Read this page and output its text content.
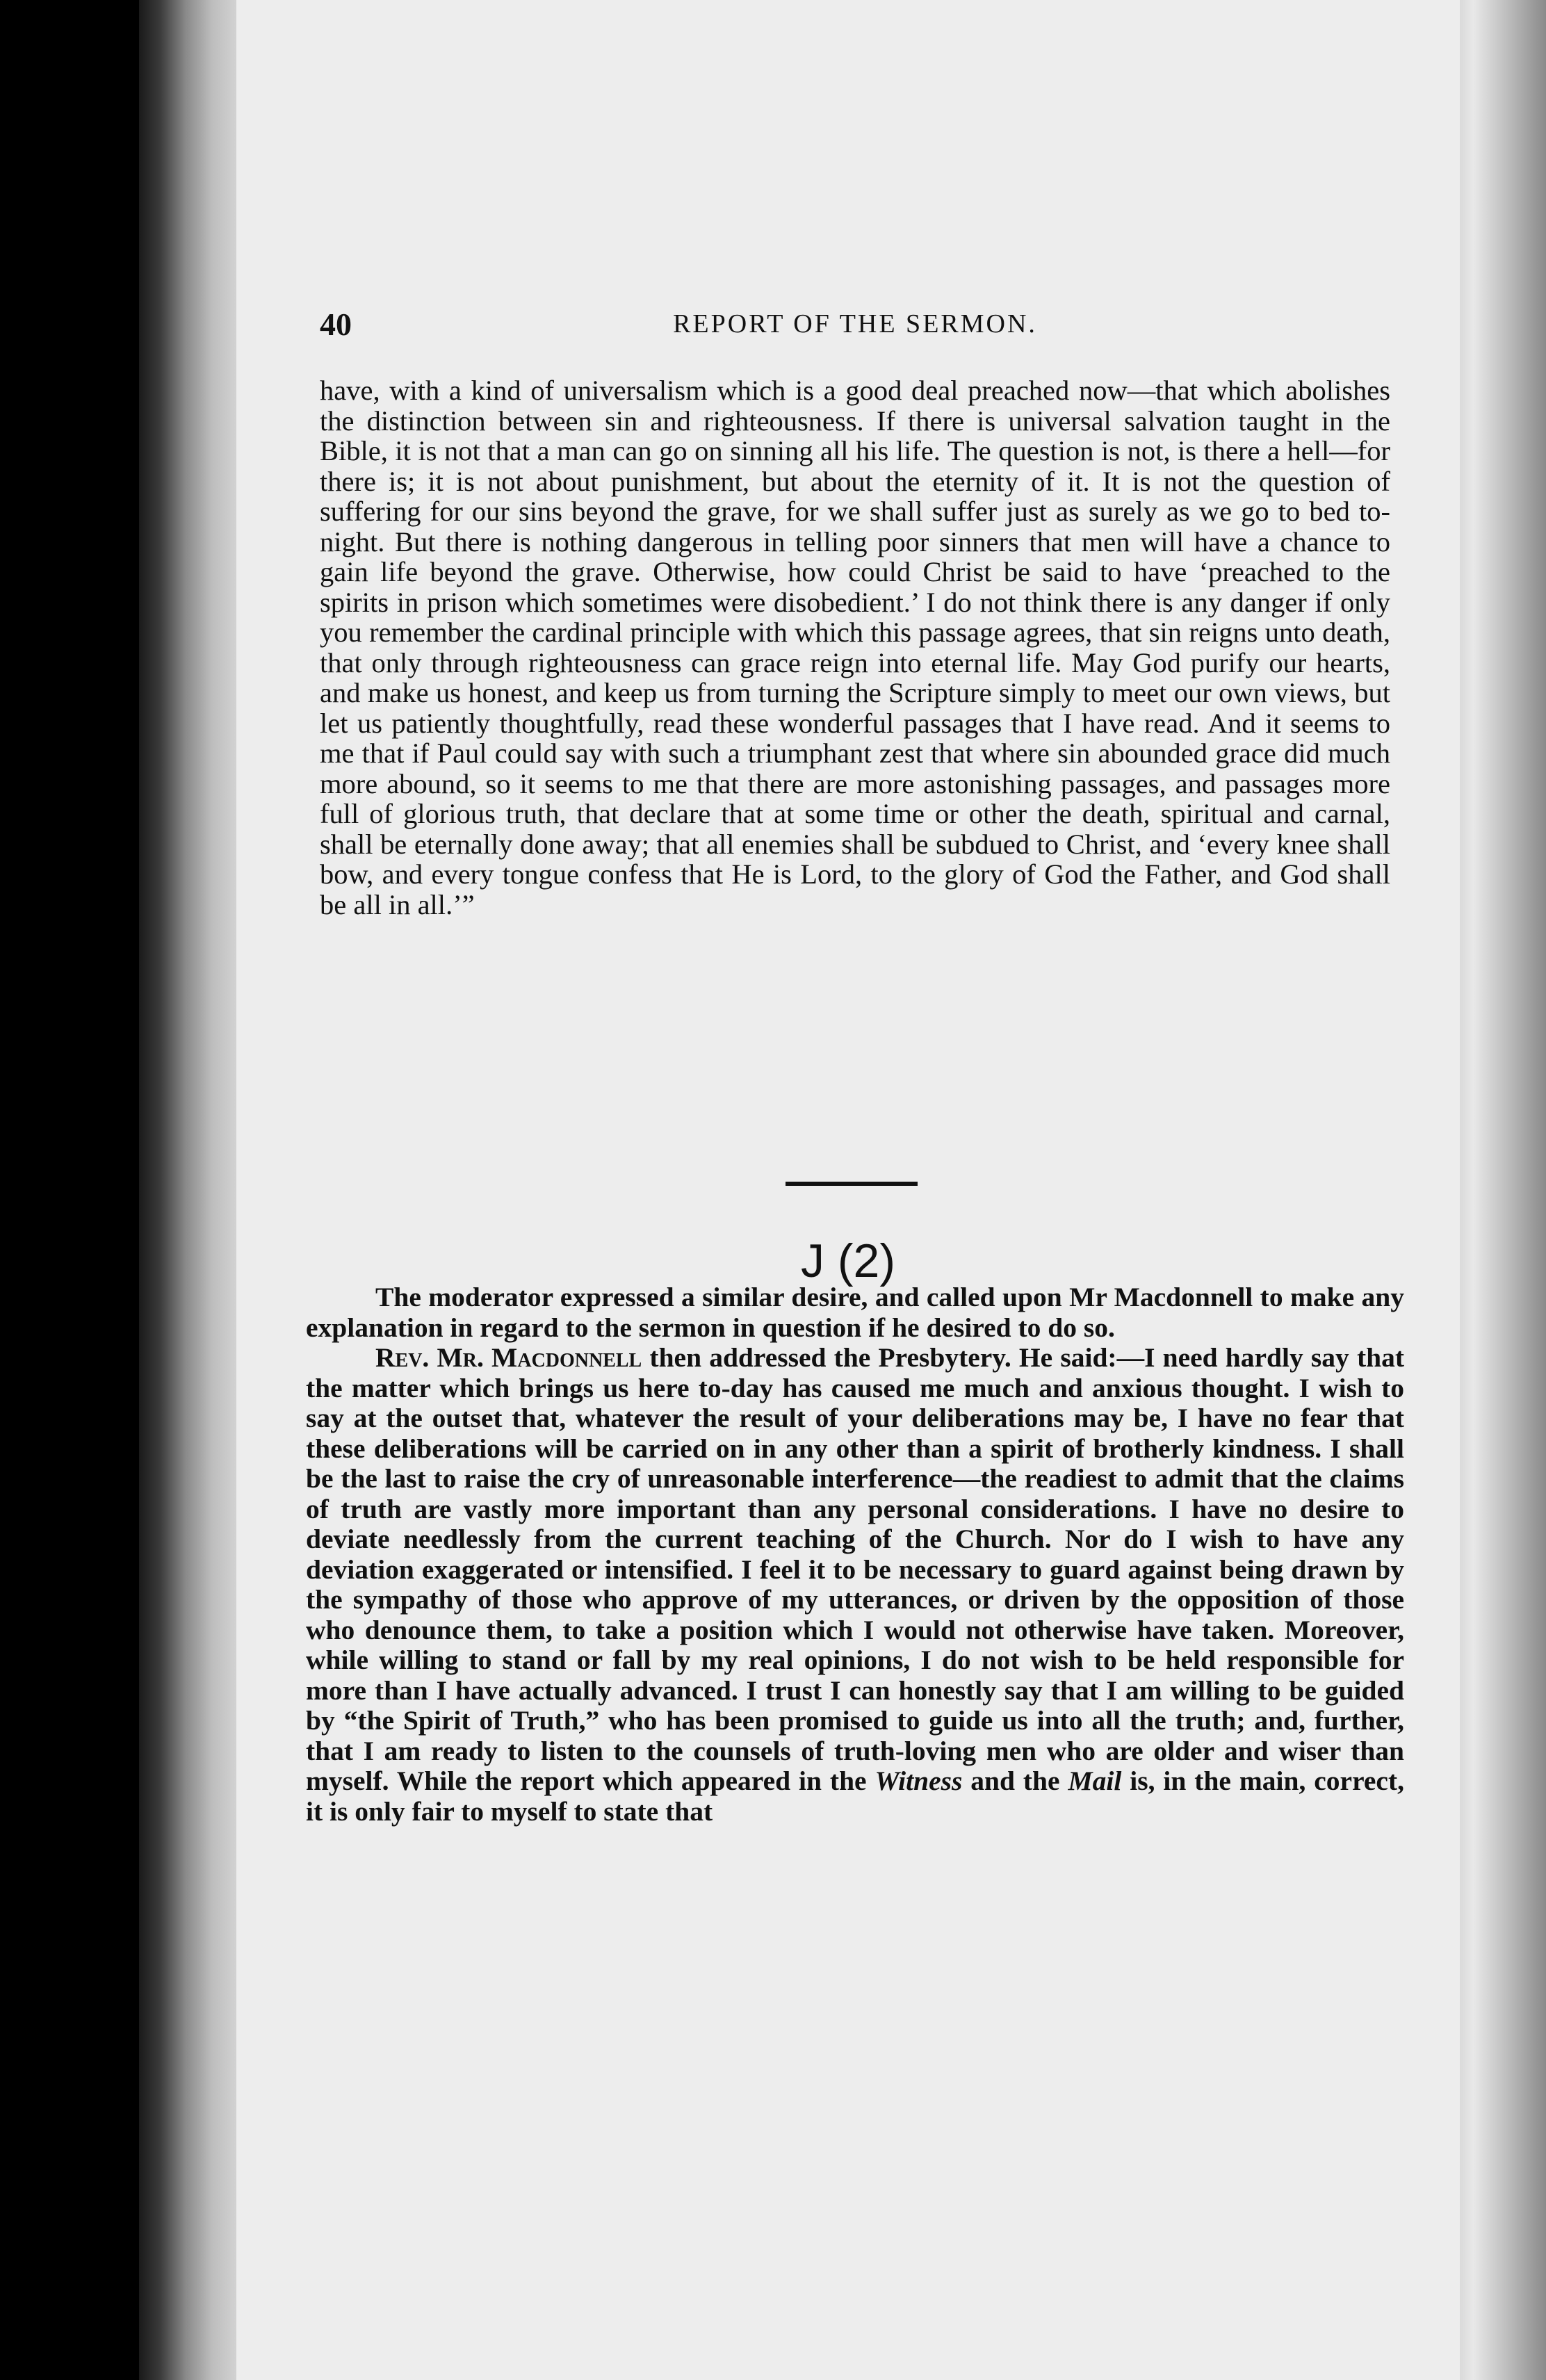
40	REPORT OF THE SERMON.

have, with a kind of universalism which is a good deal preached now—that which abolishes the distinction between sin and righteousness. If there is universal salvation taught in the Bible, it is not that a man can go on sinning all his life. The question is not, is there a hell—for there is; it is not about punishment, but about the eternity of it. It is not the question of suffering for our sins beyond the grave, for we shall suffer just as surely as we go to bed to-night. But there is nothing dangerous in telling poor sinners that men will have a chance to gain life beyond the grave. Otherwise, how could Christ be said to have ‘preached to the spirits in prison which sometimes were disobedient.’ I do not think there is any danger if only you remember the cardinal principle with which this passage agrees, that sin reigns unto death, that only through righteousness can grace reign into eternal life. May God purify our hearts, and make us honest, and keep us from turning the Scripture simply to meet our own views, but let us patiently thoughtfully, read these wonderful passages that I have read. And it seems to me that if Paul could say with such a triumphant zest that where sin abounded grace did much more abound, so it seems to me that there are more astonishing passages, and passages more full of glorious truth, that declare that at some time or other the death, spiritual and carnal, shall be eternally done away; that all enemies shall be subdued to Christ, and ‘every knee shall bow, and every tongue confess that He is Lord, to the glory of God the Father, and God shall be all in all.’”

J (2)

The moderator expressed a similar desire, and called upon Mr Macdonnell to make any explanation in regard to the sermon in question if he desired to do so.

Rev. Mr. Macdonnell then addressed the Presbytery. He said:—I need hardly say that the matter which brings us here to-day has caused me much and anxious thought. I wish to say at the outset that, whatever the result of your deliberations may be, I have no fear that these deliberations will be carried on in any other than a spirit of brotherly kindness. I shall be the last to raise the cry of unreasonable interference—the readiest to admit that the claims of truth are vastly more important than any personal considerations. I have no desire to deviate needlessly from the current teaching of the Church. Nor do I wish to have any deviation exaggerated or intensified. I feel it to be necessary to guard against being drawn by the sympathy of those who approve of my utterances, or driven by the opposition of those who denounce them, to take a position which I would not otherwise have taken. Moreover, while willing to stand or fall by my real opinions, I do not wish to be held responsible for more than I have actually advanced. I trust I can honestly say that I am willing to be guided by “the Spirit of Truth,” who has been promised to guide us into all the truth; and, further, that I am ready to listen to the counsels of truth-loving men who are older and wiser than myself. While the report which appeared in the Witness and the Mail is, in the main, correct, it is only fair to myself to state that
